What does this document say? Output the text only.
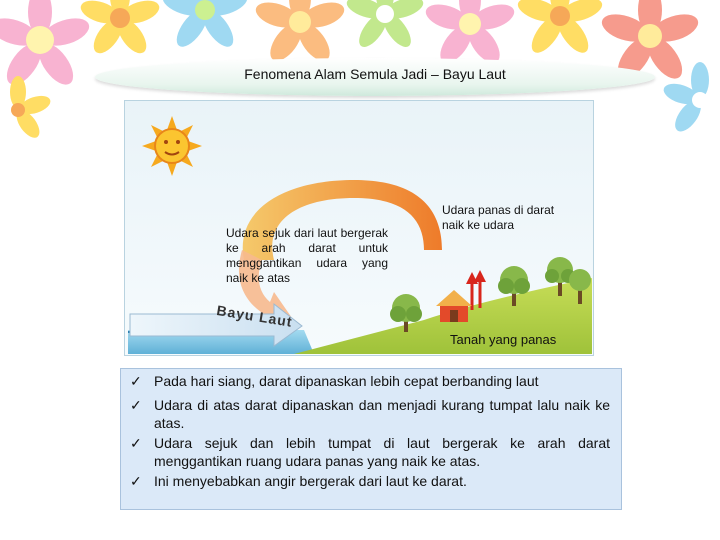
Fenomena Alam Semula Jadi – Bayu Laut
Udara sejuk dari laut bergerak ke arah darat untuk menggantikan udara yang naik ke atas
Udara panas di darat naik ke udara
Bayu Laut
Tanah yang panas
✓ Pada hari siang, darat dipanaskan lebih cepat berbanding laut
✓ Udara di atas darat dipanaskan dan menjadi kurang tumpat lalu naik ke atas.
✓ Udara sejuk dan lebih tumpat di laut bergerak ke arah darat menggantikan ruang udara panas yang naik ke atas.
✓ Ini menyebabkan angir bergerak dari laut ke darat.
